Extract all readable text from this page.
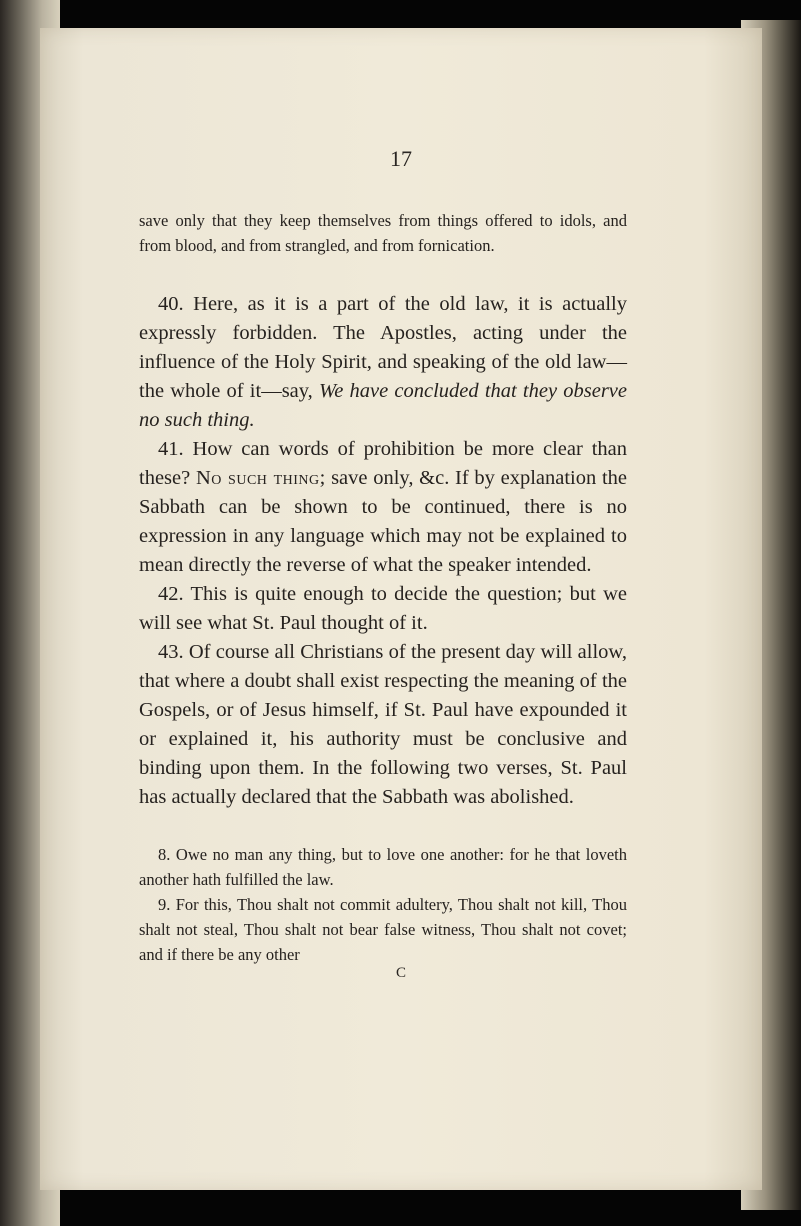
17

save only that they keep themselves from things offered to idols, and from blood, and from strangled, and from fornication.

40. Here, as it is a part of the old law, it is actually expressly forbidden. The Apostles, acting under the influence of the Holy Spirit, and speaking of the old law—the whole of it—say, We have concluded that they observe no such thing.

41. How can words of prohibition be more clear than these? No such thing; save only, &c. If by explanation the Sabbath can be shown to be continued, there is no expression in any language which may not be explained to mean directly the reverse of what the speaker intended.

42. This is quite enough to decide the question; but we will see what St. Paul thought of it.

43. Of course all Christians of the present day will allow, that where a doubt shall exist respecting the meaning of the Gospels, or of Jesus himself, if St. Paul have expounded it or explained it, his authority must be conclusive and binding upon them. In the following two verses, St. Paul has actually declared that the Sabbath was abolished.

8. Owe no man any thing, but to love one another: for he that loveth another hath fulfilled the law.

9. For this, Thou shalt not commit adultery, Thou shalt not kill, Thou shalt not steal, Thou shalt not bear false witness, Thou shalt not covet; and if there be any other

C
